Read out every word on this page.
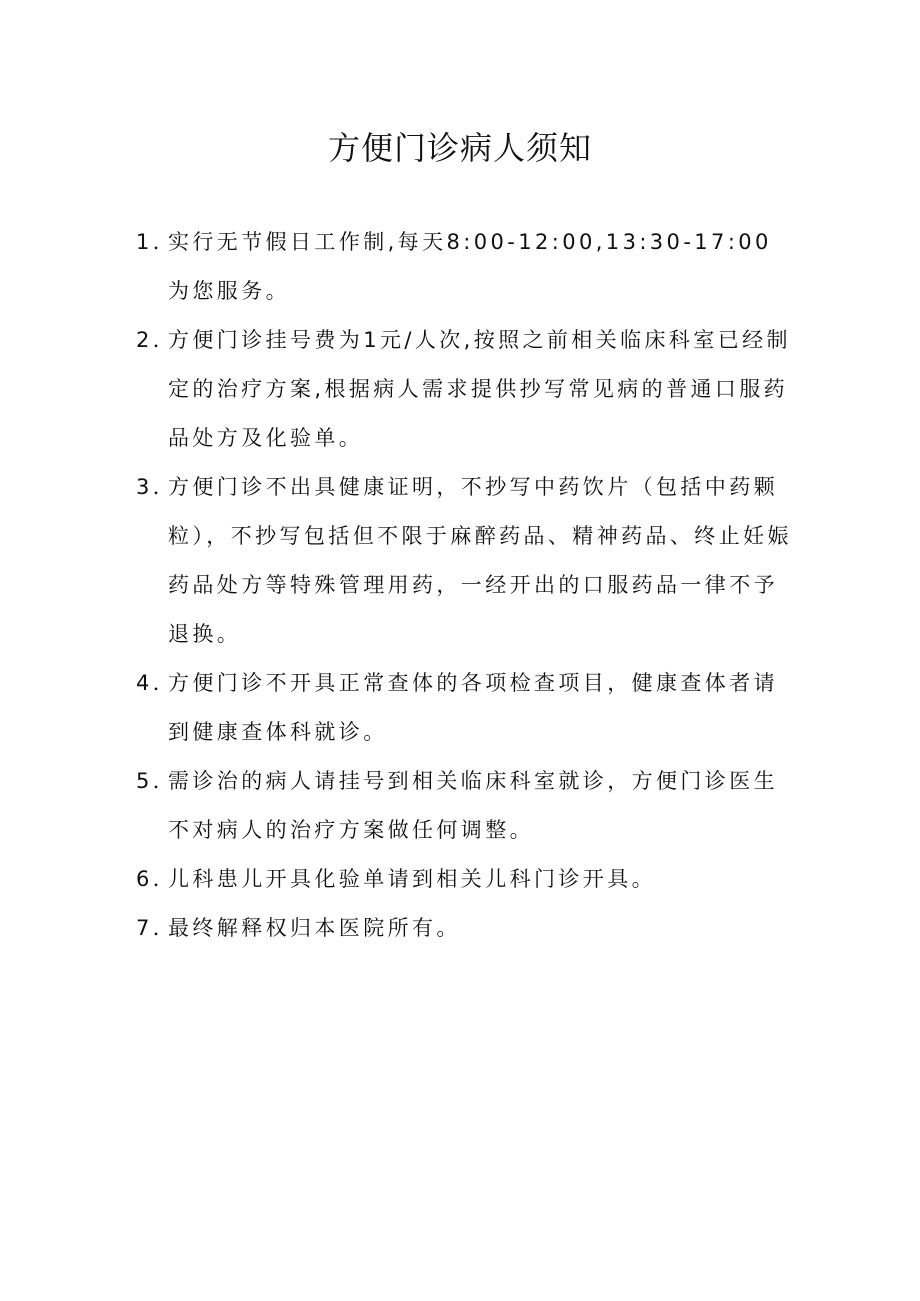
方便门诊病人须知
1．
实行无节假日工作制,每天8:00-12:00,13:30-17:00为您服务。
2．
方便门诊挂号费为1元/人次,按照之前相关临床科室已经制定的治疗方案,根据病人需求提供抄写常见病的普通口服药品处方及化验单。
3．
方便门诊不出具健康证明，不抄写中药饮片（包括中药颗粒），不抄写包括但不限于麻醉药品、精神药品、终止妊娠药品处方等特殊管理用药，一经开出的口服药品一律不予退换。
4．
方便门诊不开具正常查体的各项检查项目，健康查体者请到健康查体科就诊。
5．
需诊治的病人请挂号到相关临床科室就诊，方便门诊医生不对病人的治疗方案做任何调整。
6．
儿科患儿开具化验单请到相关儿科门诊开具。
7．
最终解释权归本医院所有。
